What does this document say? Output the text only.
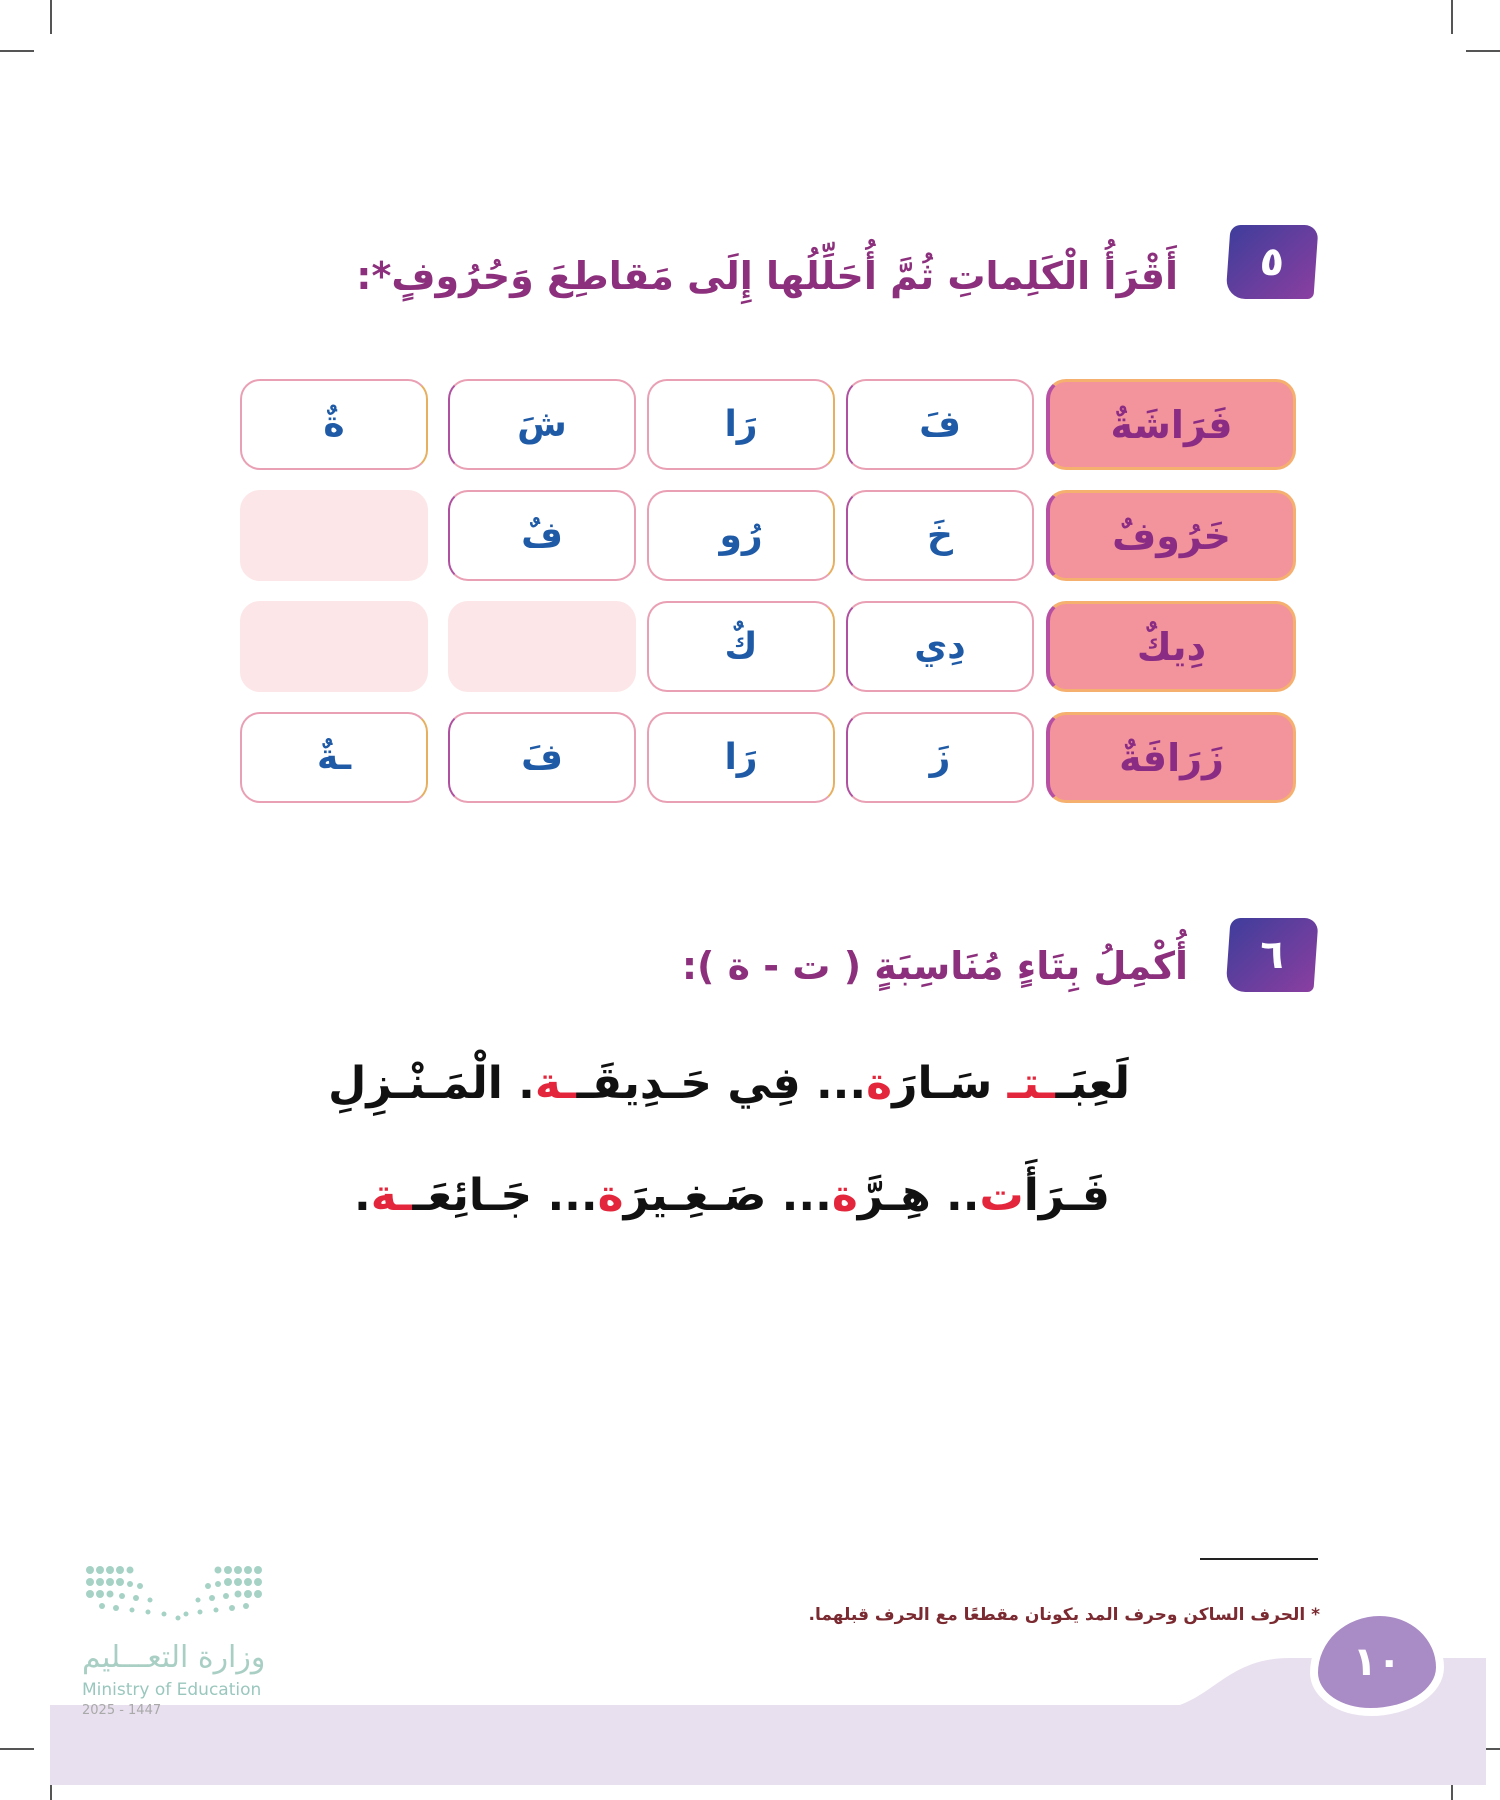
٥
أَقْرَأُ الْكَلِماتِ ثُمَّ أُحَلِّلُها إِلَى مَقاطِعَ وَحُرُوفٍ*:
فَرَاشَةٌ
فَ
رَا
شَ
ةٌ
خَرُوفٌ
خَ
رُو
فٌ
دِيكٌ
دِي
كٌ
زَرَافَةٌ
زَ
رَا
فَ
ـةٌ
٦
أُكْمِلُ بِتَاءٍ مُنَاسِبَةٍ ( ت - ة ):
لَعِبَــتـ سَـارَة... فِي حَـدِيقَــة. الْمَـنْـزِلِ
فَـرَأَت.. هِـرَّة... صَـغِـيرَة... جَـائِعَــة.
* الحرف الساكن وحرف المد يكونان مقطعًا مع الحرف قبلهما.
١٠
وزارة التعـــليم
Ministry of Education
2025 - 1447
